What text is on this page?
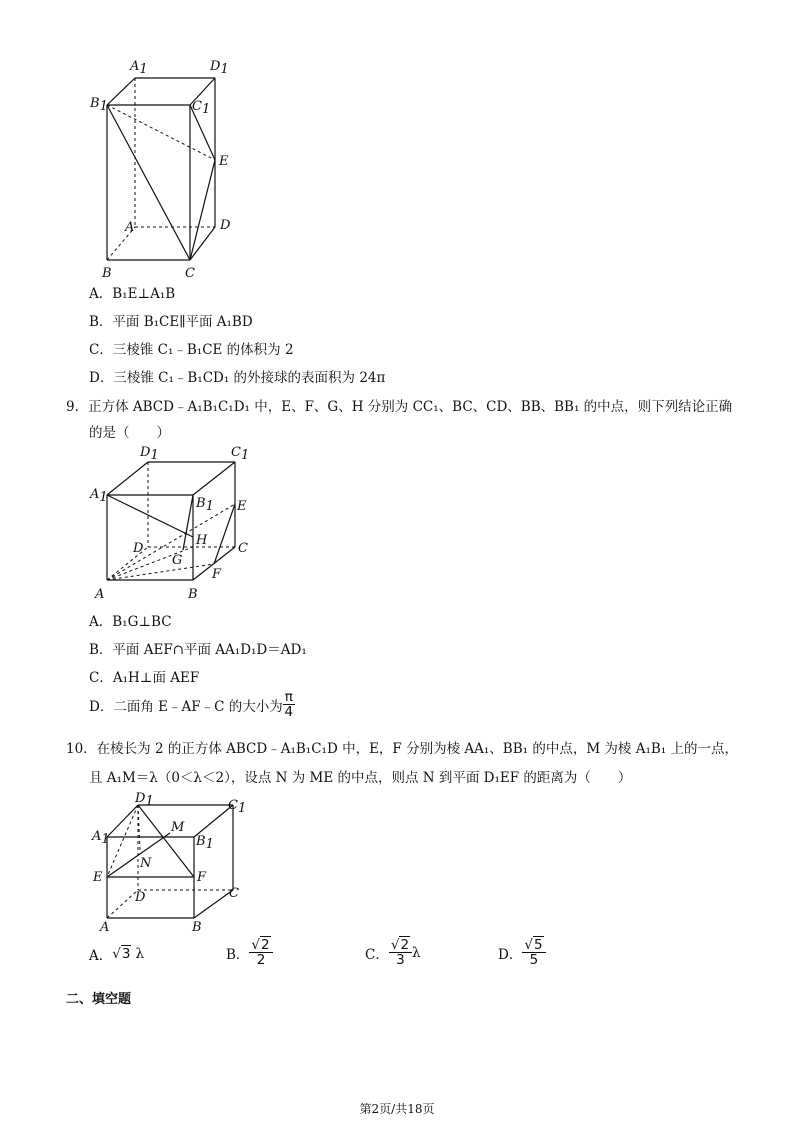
A1	D1
B1	C1
E
A	D
B	C
A．B₁E⊥A₁B
B．平面 B₁CE∥平面 A₁BD
C．三棱锥 C₁﹣B₁CE 的体积为 2
D．三棱锥 C₁﹣B₁CD₁ 的外接球的表面积为 24π
9．正方体 ABCD﹣A₁B₁C₁D₁ 中，E、F、G、H 分别为 CC₁、BC、CD、BB、BB₁ 的中点，则下列结论正确
的是（　　）
D1	C1
A1	B1 E
D
H
C
G
F
A	B
A．B₁G⊥BC
B．平面 AEF∩平面 AA₁D₁D＝AD₁
C．A₁H⊥面 AEF
D．二面角 E﹣AF﹣C 的大小为 $\frac{\pi}{4}$
10．在棱长为 2 的正方体 ABCD﹣A₁B₁C₁D 中，E，F 分别为棱 AA₁、BB₁ 的中点，M 为棱 A₁B₁ 上的一点，
且 A₁M＝λ（0＜λ＜2），设点 N 为 ME 的中点，则点 N 到平面 D₁EF 的距离为（　　）
D1	C1
A1
M
B1
N
E	F
D	C
A	B
A． √3 λ	B． $\frac{√2}{2}$	C． $\frac{√2}{3}$ λ	D． $\frac{√5}{5}$
二、填空题
第2页/共18页
